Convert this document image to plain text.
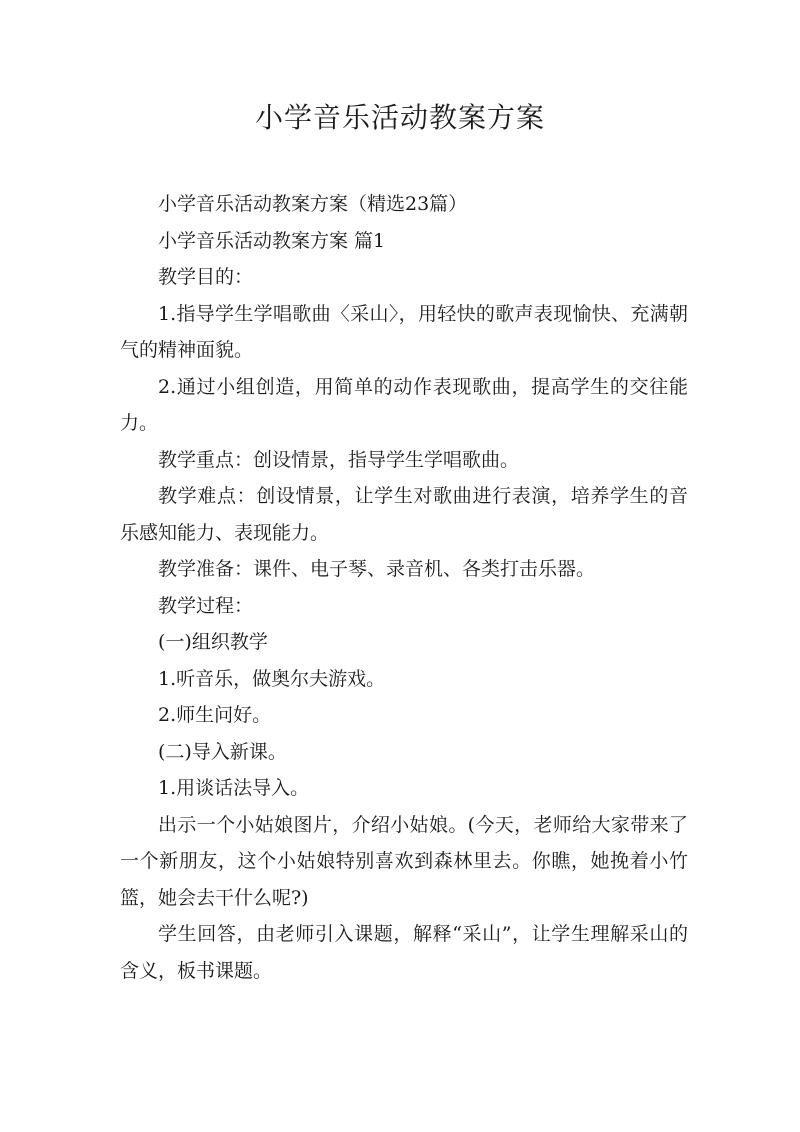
小学音乐活动教案方案

小学音乐活动教案方案（精选23篇）

小学音乐活动教案方案 篇1

教学目的：

1.指导学生学唱歌曲〈采山〉，用轻快的歌声表现愉快、充满朝气的精神面貌。

2.通过小组创造，用简单的动作表现歌曲，提高学生的交往能力。

教学重点：创设情景，指导学生学唱歌曲。

教学难点：创设情景，让学生对歌曲进行表演，培养学生的音乐感知能力、表现能力。

教学准备：课件、电子琴、录音机、各类打击乐器。

教学过程：

(一)组织教学

1.听音乐，做奥尔夫游戏。

2.师生问好。

(二)导入新课。

1.用谈话法导入。

出示一个小姑娘图片，介绍小姑娘。(今天，老师给大家带来了一个新朋友，这个小姑娘特别喜欢到森林里去。你瞧，她挽着小竹篮，她会去干什么呢?)

学生回答，由老师引入课题，解释“采山”，让学生理解采山的含义，板书课题。
